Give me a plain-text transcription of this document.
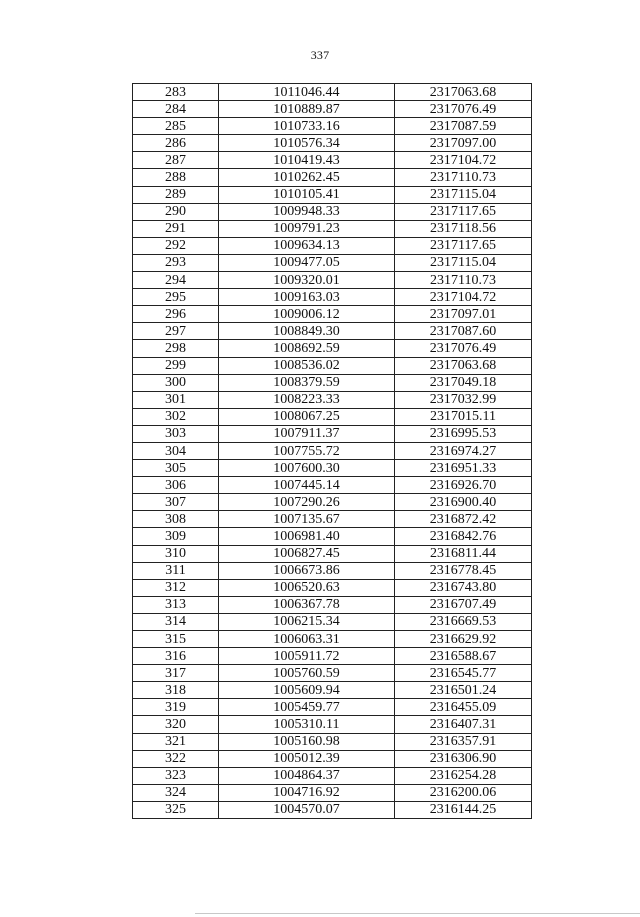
337
283	1011046.44	2317063.68
284	1010889.87	2317076.49
285	1010733.16	2317087.59
286	1010576.34	2317097.00
287	1010419.43	2317104.72
288	1010262.45	2317110.73
289	1010105.41	2317115.04
290	1009948.33	2317117.65
291	1009791.23	2317118.56
292	1009634.13	2317117.65
293	1009477.05	2317115.04
294	1009320.01	2317110.73
295	1009163.03	2317104.72
296	1009006.12	2317097.01
297	1008849.30	2317087.60
298	1008692.59	2317076.49
299	1008536.02	2317063.68
300	1008379.59	2317049.18
301	1008223.33	2317032.99
302	1008067.25	2317015.11
303	1007911.37	2316995.53
304	1007755.72	2316974.27
305	1007600.30	2316951.33
306	1007445.14	2316926.70
307	1007290.26	2316900.40
308	1007135.67	2316872.42
309	1006981.40	2316842.76
310	1006827.45	2316811.44
311	1006673.86	2316778.45
312	1006520.63	2316743.80
313	1006367.78	2316707.49
314	1006215.34	2316669.53
315	1006063.31	2316629.92
316	1005911.72	2316588.67
317	1005760.59	2316545.77
318	1005609.94	2316501.24
319	1005459.77	2316455.09
320	1005310.11	2316407.31
321	1005160.98	2316357.91
322	1005012.39	2316306.90
323	1004864.37	2316254.28
324	1004716.92	2316200.06
325	1004570.07	2316144.25
